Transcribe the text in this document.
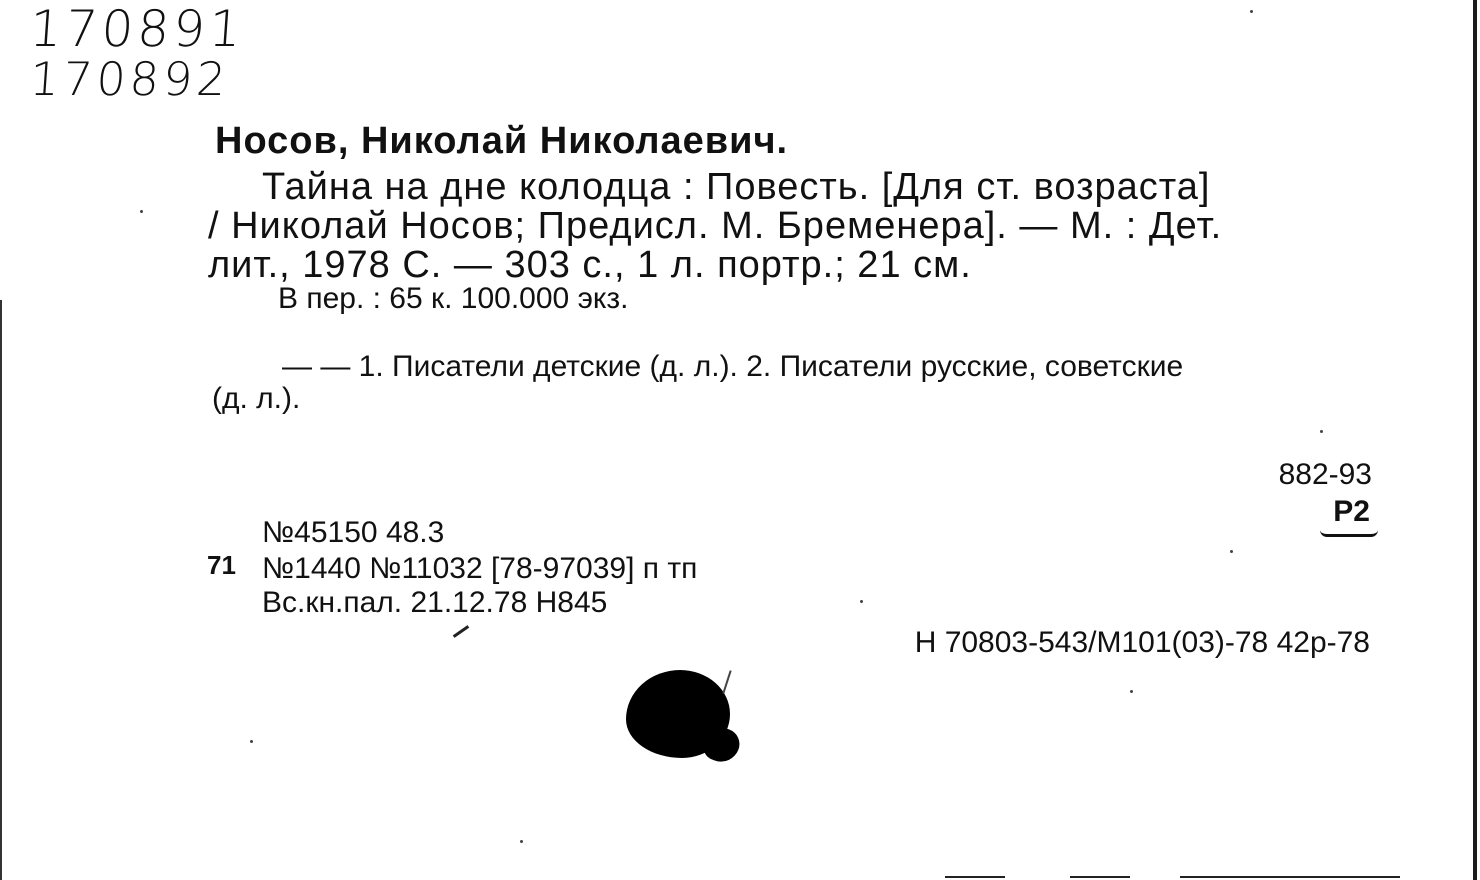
170891
170892
Носов, Николай Николаевич.
Тайна на дне колодца : Повесть. [Для ст. возраста]
/ Николай Носов; Предисл. М. Бременера]. — М. : Дет.
лит., 1978 С. — 303 с., 1 л. портр.; 21 см.
В пер. : 65 к. 100.000 экз.
— — 1. Писатели детские (д. л.). 2. Писатели русские, советские
(д. л.).
882-93
Р2
№45150 48.3
71 №1440 №11032 [78-97039] п тп
Вс.кн.пал. 21.12.78 Н845
Н 70803-543/М101(03)-78 42р-78
